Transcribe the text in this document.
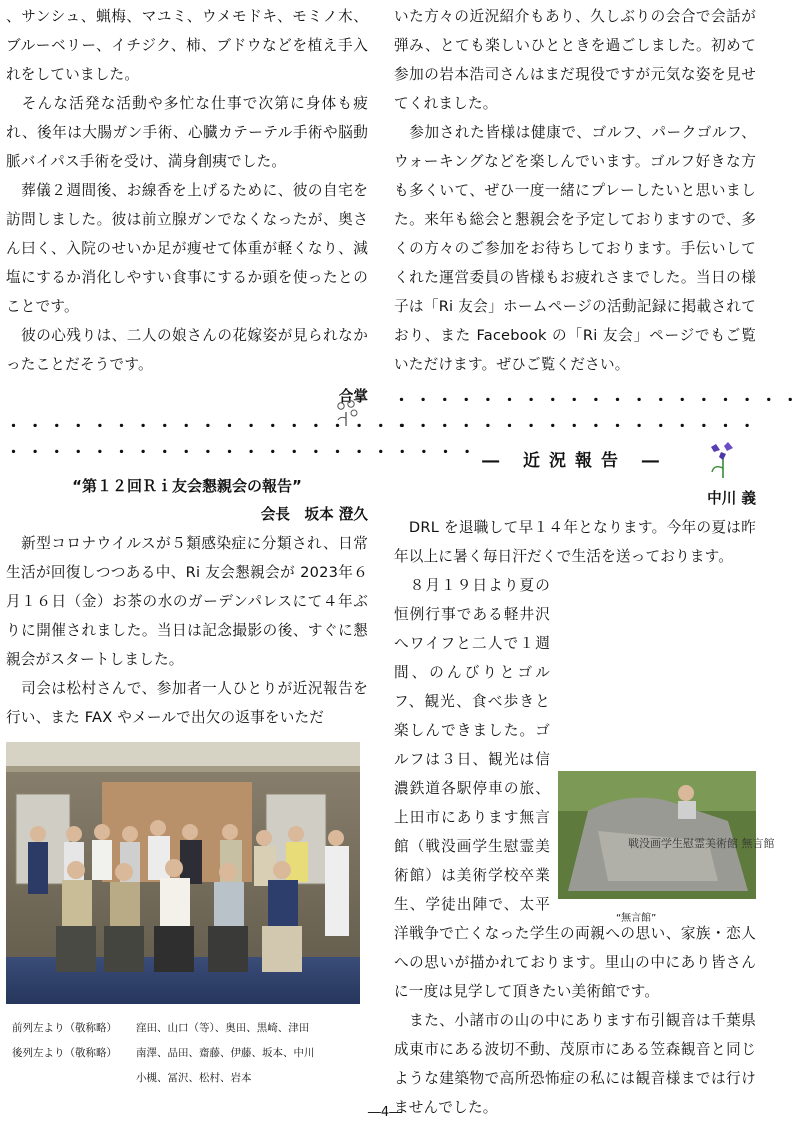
、サンシュ、蝋梅、マユミ、ウメモドキ、モミノ木、ブルーベリー、イチジク、柿、ブドウなどを植え手入れをしていました。

　そんな活発な活動や多忙な仕事で次第に身体も疲れ、後年は大腸ガン手術、心臓カテーテル手術や脳動脈バイパス手術を受け、満身創痍でした。

　葬儀２週間後、お線香を上げるために、彼の自宅を訪問しました。彼は前立腺ガンでなくなったが、奥さん曰く、入院のせいか足が痩せて体重が軽くなり、減塩にするか消化しやすい食事にするか頭を使ったとのことです。

　彼の心残りは、二人の娘さんの花嫁姿が見られなかったことだそうです。

合掌
・・・・・・・・・・・・・・・・・・・
・・・・・・・・・・・・・・・・・・・・・・
“第１２回Ｒｉ友会懇親会の報告”
会長　坂本 澄久

　新型コロナウイルスが５類感染症に分類され、日常生活が回復しつつある中、Ri 友会懇親会が 2023年６月１６日（金）お茶の水のガーデンパレスにて４年ぶりに開催されました。当日は記念撮影の後、すぐに懇親会がスタートしました。

　司会は松村さんで、参加者一人ひとりが近況報告を行い、また FAX やメールで出欠の返事をいただ

前列左より（敬称略）	窪田、山口（等）、奥田、黒崎、津田
後列左より（敬称略）	南澤、品田、齋藤、伊藤、坂本、中川
小槻、冨沢、松村、岩本

いた方々の近況紹介もあり、久しぶりの会合で会話が弾み、とても楽しいひとときを過ごしました。初めて参加の岩本浩司さんはまだ現役ですが元気な姿を見せてくれました。

　参加された皆様は健康で、ゴルフ、パークゴルフ、ウォーキングなどを楽しんでいます。ゴルフ好きな方も多くいて、ぜひ一度一緒にプレーしたいと思いました。来年も総会と懇親会を予定しておりますので、多くの方々のご参加をお待ちしております。手伝いしてくれた運営委員の皆様もお疲れさまでした。当日の様子は「Ri 友会」ホームページの活動記録に掲載されており、また Facebook の「Ri 友会」ページでもご覧いただけます。ぜひご覧ください。

・・・・・・・・・・・・・・・・・・・
・・・・・・・・・・・・・・・・・
― 近況報告 ―
中川 義

　DRL を退職して早１４年となります。今年の夏は昨年以上に暑く毎日汗だくで生活を送っております。

戦没画学生慰霊美術館 無言館
“無言館”

　８月１９日より夏の恒例行事である軽井沢へワイフと二人で１週間、のんびりとゴルフ、観光、食べ歩きと楽しんできました。ゴルフは３日、観光は信濃鉄道各駅停車の旅、上田市にあります無言館（戦没画学生慰霊美術館）は美術学校卒業生、学徒出陣で、太平洋戦争で亡くなった学生の両親への思い、家族・恋人への思いが描かれております。里山の中にあり皆さんに一度は見学して頂きたい美術館です。

　また、小諸市の山の中にあります布引観音は千葉県成東市にある波切不動、茂原市にある笠森観音と同じような建築物で高所恐怖症の私には観音様までは行けませんでした。

―4―
